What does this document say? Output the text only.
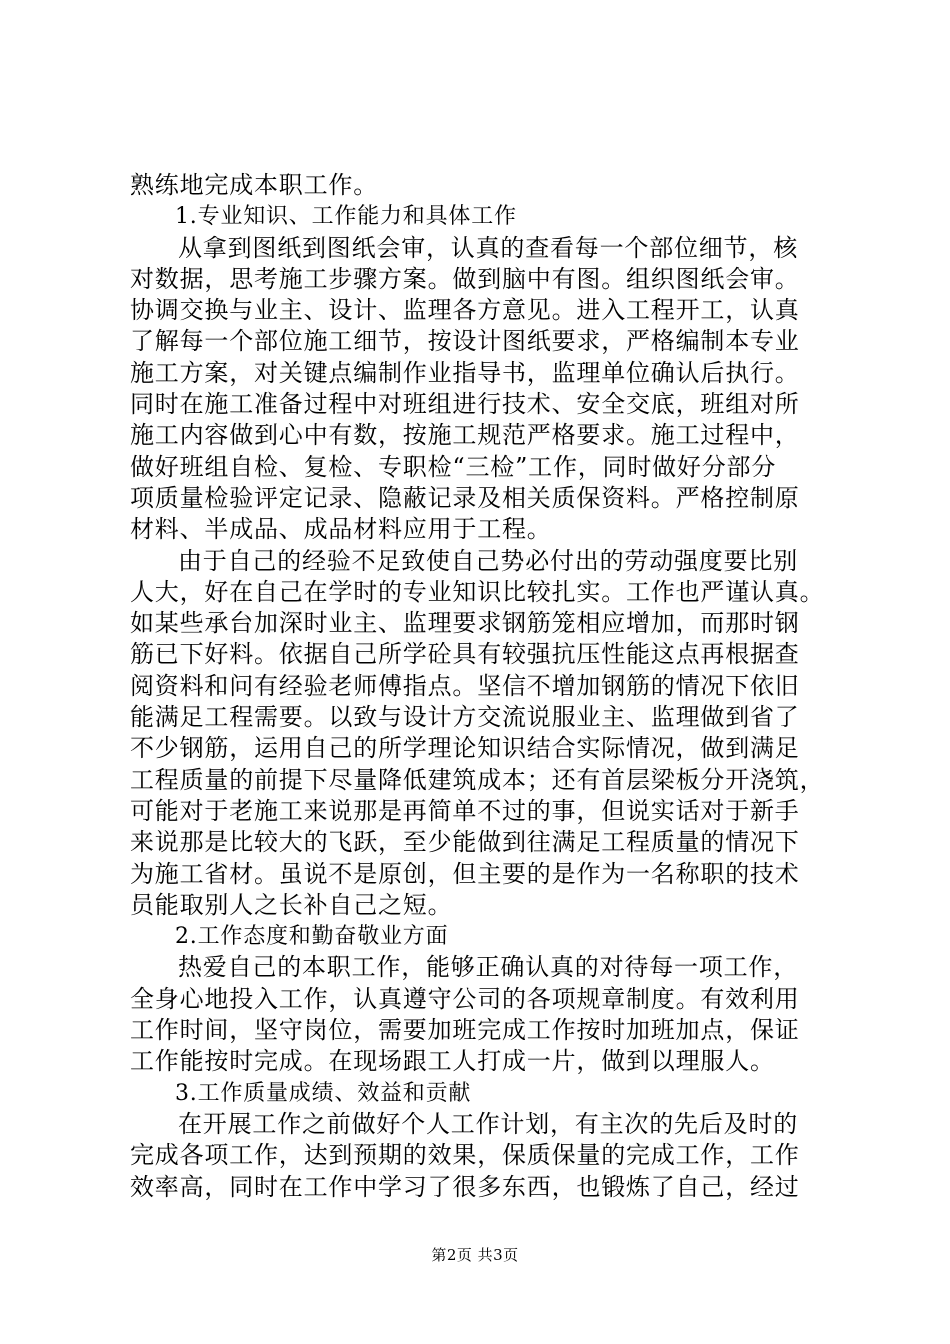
熟练地完成本职工作。
1.专业知识、工作能力和具体工作
从拿到图纸到图纸会审，认真的查看每一个部位细节，核
对数据，思考施工步骤方案。做到脑中有图。组织图纸会审。
协调交换与业主、设计、监理各方意见。进入工程开工，认真
了解每一个部位施工细节，按设计图纸要求，严格编制本专业
施工方案，对关键点编制作业指导书，监理单位确认后执行。
同时在施工准备过程中对班组进行技术、安全交底，班组对所
施工内容做到心中有数，按施工规范严格要求。施工过程中，
做好班组自检、复检、专职检“三检”工作，同时做好分部分
项质量检验评定记录、隐蔽记录及相关质保资料。严格控制原
材料、半成品、成品材料应用于工程。
由于自己的经验不足致使自己势必付出的劳动强度要比别
人大，好在自己在学时的专业知识比较扎实。工作也严谨认真。
如某些承台加深时业主、监理要求钢筋笼相应增加，而那时钢
筋已下好料。依据自己所学砼具有较强抗压性能这点再根据查
阅资料和问有经验老师傅指点。坚信不增加钢筋的情况下依旧
能满足工程需要。以致与设计方交流说服业主、监理做到省了
不少钢筋，运用自己的所学理论知识结合实际情况，做到满足
工程质量的前提下尽量降低建筑成本；还有首层梁板分开浇筑，
可能对于老施工来说那是再简单不过的事，但说实话对于新手
来说那是比较大的飞跃，至少能做到往满足工程质量的情况下
为施工省材。虽说不是原创，但主要的是作为一名称职的技术
员能取别人之长补自己之短。
2.工作态度和勤奋敬业方面
热爱自己的本职工作，能够正确认真的对待每一项工作，
全身心地投入工作，认真遵守公司的各项规章制度。有效利用
工作时间，坚守岗位，需要加班完成工作按时加班加点，保证
工作能按时完成。在现场跟工人打成一片，做到以理服人。
3.工作质量成绩、效益和贡献
在开展工作之前做好个人工作计划，有主次的先后及时的
完成各项工作，达到预期的效果，保质保量的完成工作，工作
效率高，同时在工作中学习了很多东西，也锻炼了自己，经过
第2页 共3页
